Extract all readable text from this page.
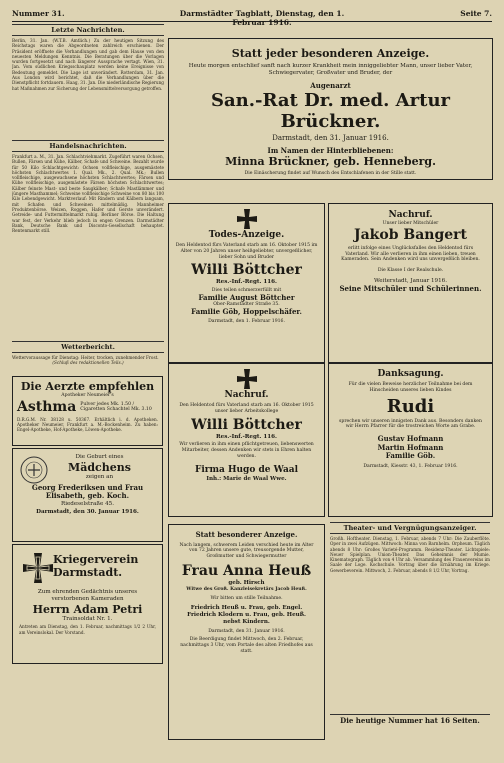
Nummer 31.	Darmstädter Tagblatt, Dienstag, den 1. Februar 1916.
Seite 7.
Letzte Nachrichten.
Berlin, 31. Jan. (W.T.B. Amtlich.) Zu der heutigen Sitzung des Reichstags waren die Abgeordneten zahlreich erschienen. Der Präsident eröffnete die Verhandlungen und gab dem Hause von den neuesten Meldungen Kenntnis. Die Beratungen über die Vorlagen wurden fortgesetzt und nach längerer Aussprache vertagt. Wien, 31. Jan. Vom südlichen Kriegsschauplatz werden keine Ereignisse von Bedeutung gemeldet. Die Lage ist unverändert. Rotterdam, 31. Jan. Aus London wird berichtet, daß die Verhandlungen über die Dienstpflicht fortdauern. Haag, 31. Jan. Die niederländische Regierung hat Maßnahmen zur Sicherung der Lebensmittelversorgung getroffen.
Handelsnachrichten.
Frankfurt a. M., 31. Jan. Schlachtviehmarkt. Zugeführt waren Ochsen, Bullen, Färsen und Kühe, Kälber, Schafe und Schweine. Bezahlt wurde für 50 Kilo Schlachtgewicht: Ochsen vollfleischige, ausgemästete höchsten Schlachtwertes 1. Qual. Mk., 2. Qual. Mk.; Bullen vollfleischige, ausgewachsene höchsten Schlachtwertes; Färsen und Kühe vollfleischige, ausgemästete Färsen höchsten Schlachtwertes; Kälber feinste Mast- und beste Saugkälber; Schafe Mastlämmer und jüngere Masthammel; Schweine vollfleischige Schweine von 80 bis 100 Kilo Lebendgewicht. Marktverlauf: Mit Rindern und Kälbern langsam, mit Schafen und Schweinen mittelmäßig. Mannheimer Produktenbörse. Weizen, Roggen, Hafer und Gerste unverändert. Getreide- und Futtermittelmarkt ruhig. Berliner Börse. Die Haltung war fest, der Verkehr blieb jedoch in engen Grenzen. Darmstädter Bank, Deutsche Bank und Disconto-Gesellschaft behauptet. Rentenmarkt still.
Wetterbericht.
Wettervoraussage für Dienstag: Heiter, trocken, zunehmender Frost.
(Schluß des redaktionellen Teils.)
Die Aerzte empfehlen
Apotheker Neumeier's
Asthma Pulver jedes Mk. 1.50 / Cigaretten Schachtel Mk. 3.10
D.R.G.M. Nr. 38128 u. 50367. Erhältlich i. d. Apotheken. Apotheker Neumeier, Frankfurt a. M.-Bockenheim. Zu haben: Engel-Apotheke, Hof-Apotheke, Löwen-Apotheke.
Die Geburt eines
Mädchens
zeigen an
Georg Frederiksen und Frau Elisabeth, geb. Koch.
Riedeselstraße 45.
Darmstadt, den 30. Januar 1916.
Kriegerverein Darmstadt.
Zum ehrenden Gedächtnis unseres verstorbenen Kameraden
Herrn Adam Petri
Trainsoldat Nr. 1.
Antreten am Dienstag, den 1. Februar, nachmittags 1/2 2 Uhr, am Vereinslokal. Der Vorstand.
Statt jeder besonderen Anzeige.
Heute morgen entschlief sanft nach kurzer Krankheit mein inniggeliebter Mann, unser lieber Vater, Schwiegervater, Großvater und Bruder, der
Augenarzt
San.-Rat Dr. med. Artur Brückner.
Darmstadt, den 31. Januar 1916.
Im Namen der Hinterbliebenen:
Minna Brückner, geb. Henneberg.
Die Einäscherung findet auf Wunsch des Entschlafenen in der Stille statt.
Todes-Anzeige.
Den Heldentod fürs Vaterland starb am 16. Oktober 1915 im Alter von 20 Jahren unser heißgeliebter, unvergeßlicher, lieber Sohn und Bruder
Willi Böttcher
Res.-Inf.-Regt. 116.
Dies teilen schmerzerfüllt mit
Familie August Böttcher
Ober-Ramstädter Straße 35.
Familie Göb, Hoppelschäfer.
Darmstadt, den 1. Februar 1916.
Nachruf.
Unser lieber Mitschüler
Jakob Bangert
erlitt infolge eines Unglücksfalles den Heldentod fürs Vaterland. Wir alle verlieren in ihm einen lieben, treuen Kameraden. Sein Andenken wird uns unvergeßlich bleiben.
Die Klasse I der Realschule.
Weiterstadt, Januar 1916.
Seine Mitschüler und Schülerinnen.
Nachruf.
Den Heldentod fürs Vaterland starb am 16. Oktober 1915 unser lieber Arbeitskollege
Willi Böttcher
Res.-Inf.-Regt. 116.
Wir verlieren in ihm einen pflichtgetreuen, liebenswerten Mitarbeiter, dessen Andenken wir stets in Ehren halten werden.
Firma Hugo de Waal
Inh.: Marie de Waal Wwe.
Danksagung.
Für die vielen Beweise herzlicher Teilnahme bei dem Hinscheiden unseres lieben Kindes
Rudi
sprechen wir unseren innigsten Dank aus. Besonders danken wir Herrn Pfarrer für die trostreichen Worte am Grabe.
Gustav Hofmann
Martin Hofmann
Familie Göb.
Darmstadt, Kiesstr. 43, 1. Februar 1916.
Statt besonderer Anzeige.
Nach langem, schwerem Leiden verschied heute im Alter von 72 Jahren unsere gute, treusorgende Mutter, Großmutter und Schwiegermutter
Frau Anna Heuß
geb. Hirsch
Witwe des Groß. Kanzleisekretärs Jacob Heuß.
Wir bitten um stille Teilnahme.
Friedrich Heuß u. Frau, geb. Engel.
Friedrich Klodern u. Frau, geb. Heuß.
nebst Kindern.
Darmstadt, den 31. Januar 1916.
Die Beerdigung findet Mittwoch, den 2. Februar, nachmittags 3 Uhr, vom Portale des alten Friedhofes aus statt.
Theater- und Vergnügungsanzeiger.
Großh. Hoftheater. Dienstag, 1. Februar, abends 7 Uhr: Die Zauberflöte. Oper in zwei Aufzügen. Mittwoch: Minna von Barnhelm. Orpheum. Täglich abends 8 Uhr: Großes Varieté-Programm. Residenz-Theater. Lichtspiele: Neuer Spielplan. Union-Theater. Das Geheimnis der Mumie. Kinematograph. Täglich von 4 Uhr ab. Versammlung des Frauenvereins im Saale der Loge. Kochschule. Vortrag über die Ernährung im Kriege. Gewerbeverein. Mittwoch, 2. Februar, abends 8 1/2 Uhr, Vortrag.
Die heutige Nummer hat 16 Seiten.
